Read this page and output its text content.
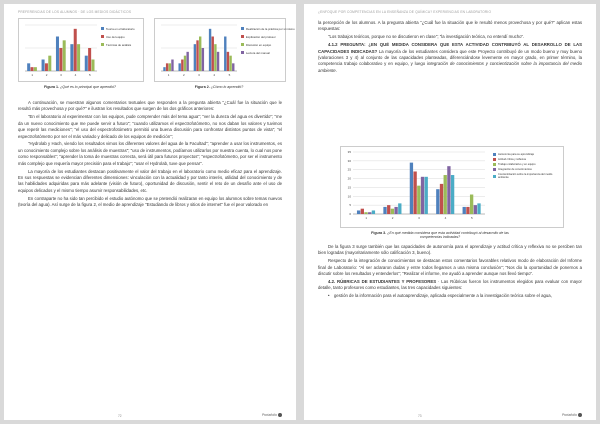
PREFERENCIAS DE LOS ALUMNOS · DE LOS MEDIOS DIDÁCTICOS
1	2	3	4	5
Teoría en el laboratorio
Uso del equipo
Técnicas de análisis
Figura 1. ¿Qué es lo principal que aprendió?
1	2	3	4	5
Realización de la práctica por sí mismo
Explicación del profesor
Discusión en equipo
Lectura del manual
Figura 2. ¿Cómo lo aprendió?

A continuación, se muestran algunos comentarios textuales que responden a la pregunta abierta "¿Cuál fue la situación que le resultó más provechosa y por qué?" e ilustran los resultados que surgen de los dos gráficos anteriores:

"En el laboratorio al experimentar con los equipos, pude comprender más del tema agua"; "ver la dureza del agua es divertido"; "me da un nuevo conocimiento que me puede servir a futuro"; "cuando utilizamos el espectrofotómetro, no nos daban los valores y tuvimos que repetir las mediciones"; "el uso del espectrofotómetro permitió una buena discusión para confrontar distintos puntos de vista"; "el espectrofotómetro por ser el más variado y delicado de los equipos de medición";

"Hydrolab y Hach, viendo los resultados vimos los diferentes valores del agua de la Facultad"; "aprender a usar los instrumentos, es un conocimiento complejo sobre los análisis de muestras"; "uso de instrumentos, podíamos utilizarlos por nuestra cuenta, lo cual nos pone como responsables"; "aprender la toma de muestras correcta, será útil para futuros proyectos"; "espectrofotómetro, por ser el instrumento más complejo que requería mayor precisión para el trabajo"; "usar el Hydrolab, tuve que pensar".

La mayoría de los estudiantes destacan positivamente el valor del trabajo en el laboratorio como medio eficaz para el aprendizaje. En sus respuestas se evidencian diferentes dimensiones: vinculación con la actualidad y por tanto interés, utilidad del conocimiento y de las habilidades adquiridas para más adelante (visión de futuro), oportunidad de discusión, sentir el reto de un desafío ante el uso de equipos delicados y el mismo tiempo asumir responsabilidades, etc.

En contraparte no ha sido tan percibido el estudio autónomo que se pretendió realizaran en equipo los alumnos sobre temas nuevos (teoría del agua). Así surge de la figura 2, el medio de aprendizaje "Estudiando de libros y sitios de internet" fue el peor valorado en

72	Portafolio
¿ENFOQUE POR COMPETENCIAS EN LA ENSEÑANZA DE QUÍMICA? EXPERIENCIAS EN LABORATORIO

la percepción de los alumnos. A la pregunta abierta "¿Cuál fue la situación que le resultó menos provechosa y por qué?" aplican estas respuestas:

"Los trabajos teóricos, porque no se discutieron en clase"; "la investigación teórica, no entendí mucho".

4.1.2 PREGUNTA: ¿EN QUÉ MEDIDA CONSIDERA QUE ESTA ACTIVIDAD CONTRIBUYÓ AL DESARROLLO DE LAS CAPACIDADES INDICADAS? La mayoría de los estudiantes considera que este Proyecto contribuyó de un modo bueno y muy bueno (valoraciones 3 y 4) al conjunto de las capacidades planteadas, diferenciándose levemente en mayor grado, en primer término, la competencia trabajo colaborativo y en equipo, y luego integración de conocimientos y concientización sobre la importancia del medio ambiente.

0
5
10
15
20
25
30
35
1	2	3	4	5
Autonomía para su aprendizaje
Actitud crítica y reflexiva
Trabajo colaborativo y en equipo
Integración de conocimientos
Concientización sobre la importancia del medio ambiente
Figura 3. ¿En qué medida considera que esta actividad contribuyó al desarrollo de las competencias indicadas?

De la figura 3 surge también que las capacidades de autonomía para el aprendizaje y actitud crítica y reflexiva no se perciben tan bien logradas (mayoritariamente sólo calificación 3, bueno).

Respecto de la integración de conocimientos se destacan estos comentarios favorables relativos modo de elaboración del Informe final de Laboratorio: "Al ser aclararon dudas y entre todos llegamos a una misma conclusión"; "Nos dio la oportunidad de ponernos a discutir sobre los resultados y entenderlos"; "Realizar el informe, me ayudó a aprender aunque nos llevó tiempo".

4.2. RÚBRICAS DE ESTUDIANTES Y PROFESORES · Las Rúbricas fueron los instrumentos elegidos para evaluar con mayor detalle, tanto profesores como estudiantes, las tres capacidades siguientes:

• gestión de la información para el autoaprendizaje, aplicada especialmente a la investigación teórica sobre el agua,
73	Portafolio
